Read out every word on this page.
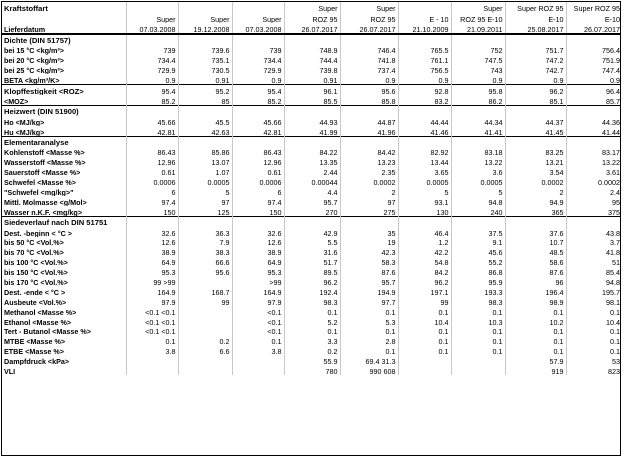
Kraftstoffart				Super	Super		Super	Super ROZ 95	Super ROZ 95
	Super	Super	Super	ROZ 95	ROZ 95	E - 10	ROZ 95 E-10	E-10	E-10
Lieferdatum	07.03.2008	19.12.2008	07.03.2008	26.07.2017	26.07.2017	21.10.2009	21.09.2011	25.08.2017	26.07.2017
Dichte (DIN 51757)									
bei 15 °C <kg/m³>	739	739.6	739	748.9	746.4	765.5	752	751.7	756.4
bei 20 °C <kg/m³>	734.4	735.1	734.4	744.4	741.8	761.1	747.5	747.2	751.9
bei 25 °C <kg/m³>	729.9	730.5	729.9	739.8	737.4	756.5	743	742.7	747.4
BETA <kg/m³/K>	0.9	0.91	0.9	0.91	0.9	0.9	0.9	0.9	0.9
Klopffestigkeit <ROZ>	95.4	95.2	95.4	96.1	95.6	92.8	95.8	96.2	96.4
<MOZ>	85.2	85	85.2	85.5	85.8	83.2	86.2	85.1	85.7
Heizwert (DIN 51900)									
Ho <MJ/kg>	45.66	45.5	45.66	44.93	44.87	44.44	44.34	44.37	44.36
Hu <MJ/kg>	42.81	42.63	42.81	41.99	41.96	41.46	41.41	41.45	41.44
Elementaranalyse									
Kohlenstoff <Masse %>	86.43	85.86	86.43	84.22	84.42	82.92	83.18	83.25	83.17
Wasserstoff <Masse %>	12.96	13.07	12.96	13.35	13.23	13.44	13.22	13.21	13.22
Sauerstoff <Masse %>	0.61	1.07	0.61	2.44	2.35	3.65	3.6	3.54	3.61
Schwefel <Masse %>	0.0006	0.0005	0.0006	0.00044	0.0002	0.0005	0.0005	0.0002	0.0002
"Schwefel <mg/kg>"	6	5	6	4.4	2	5	5	2	2.4
Mittl. Molmasse <g/Mol>	97.4	97	97.4	95.7	97	93.1	94.8	94.9	95
Wasser n.K.F. <mg/kg>	150	125	150	270	275	130	240	365	375
Siedeverlauf nach DIN 51751									
Dest. -beginn < °C >	32.6	36.3	32.6	42.9	35	46.4	37.5	37.6	43.8
bis 50 °C <Vol.%>	12.6	7.9	12.6	5.5	19	1.2	9.1	10.7	3.7
bis 70 °C <Vol.%>	38.9	38.3	38.9	31.6	42.3	42.2	45.6	48.5	41.8
bis 100 °C <Vol.%>	64.9	66.6	64.9	51.7	58.3	54.8	55.2	58.6	51
bis 150 °C <Vol.%>	95.3	95.6	95.3	89.5	87.6	84.2	86.8	87.6	85.4
bis 170 °C <Vol.%>	99 >99		>99	96.2	95.7	96.2	95.9	96	94.8
Dest. -ende < °C >	164.9	168.7	164.9	192.4	194.9	197.1	193.3	196.4	195.7
Ausbeute <Vol.%>	97.9	99	97.9	98.3	97.7	99	98.3	98.9	98.1
Methanol <Masse %>	<0.1 <0.1		<0.1	0.1	0.1	0.1	0.1	0.1	0.1
Ethanol <Masse %>	<0.1 <0.1		<0.1	5.2	5.3	10.4	10.3	10.2	10.4
Tert - Butanol <Masse %>	<0.1 <0.1		<0.1	0.1	0.1	0.1	0.1	0.1	0.1
MTBE <Masse %>	0.1	0.2	0.1	3.3	2.8	0.1	0.1	0.1	0.1
ETBE <Masse %>	3.8	6.6	3.8	0.2	0.1	0.1	0.1	0.1	0.1
Dampfdruck <kPa>				55.9	69.4 31.3			57.9	53
VLI				780	990 608			919	823
